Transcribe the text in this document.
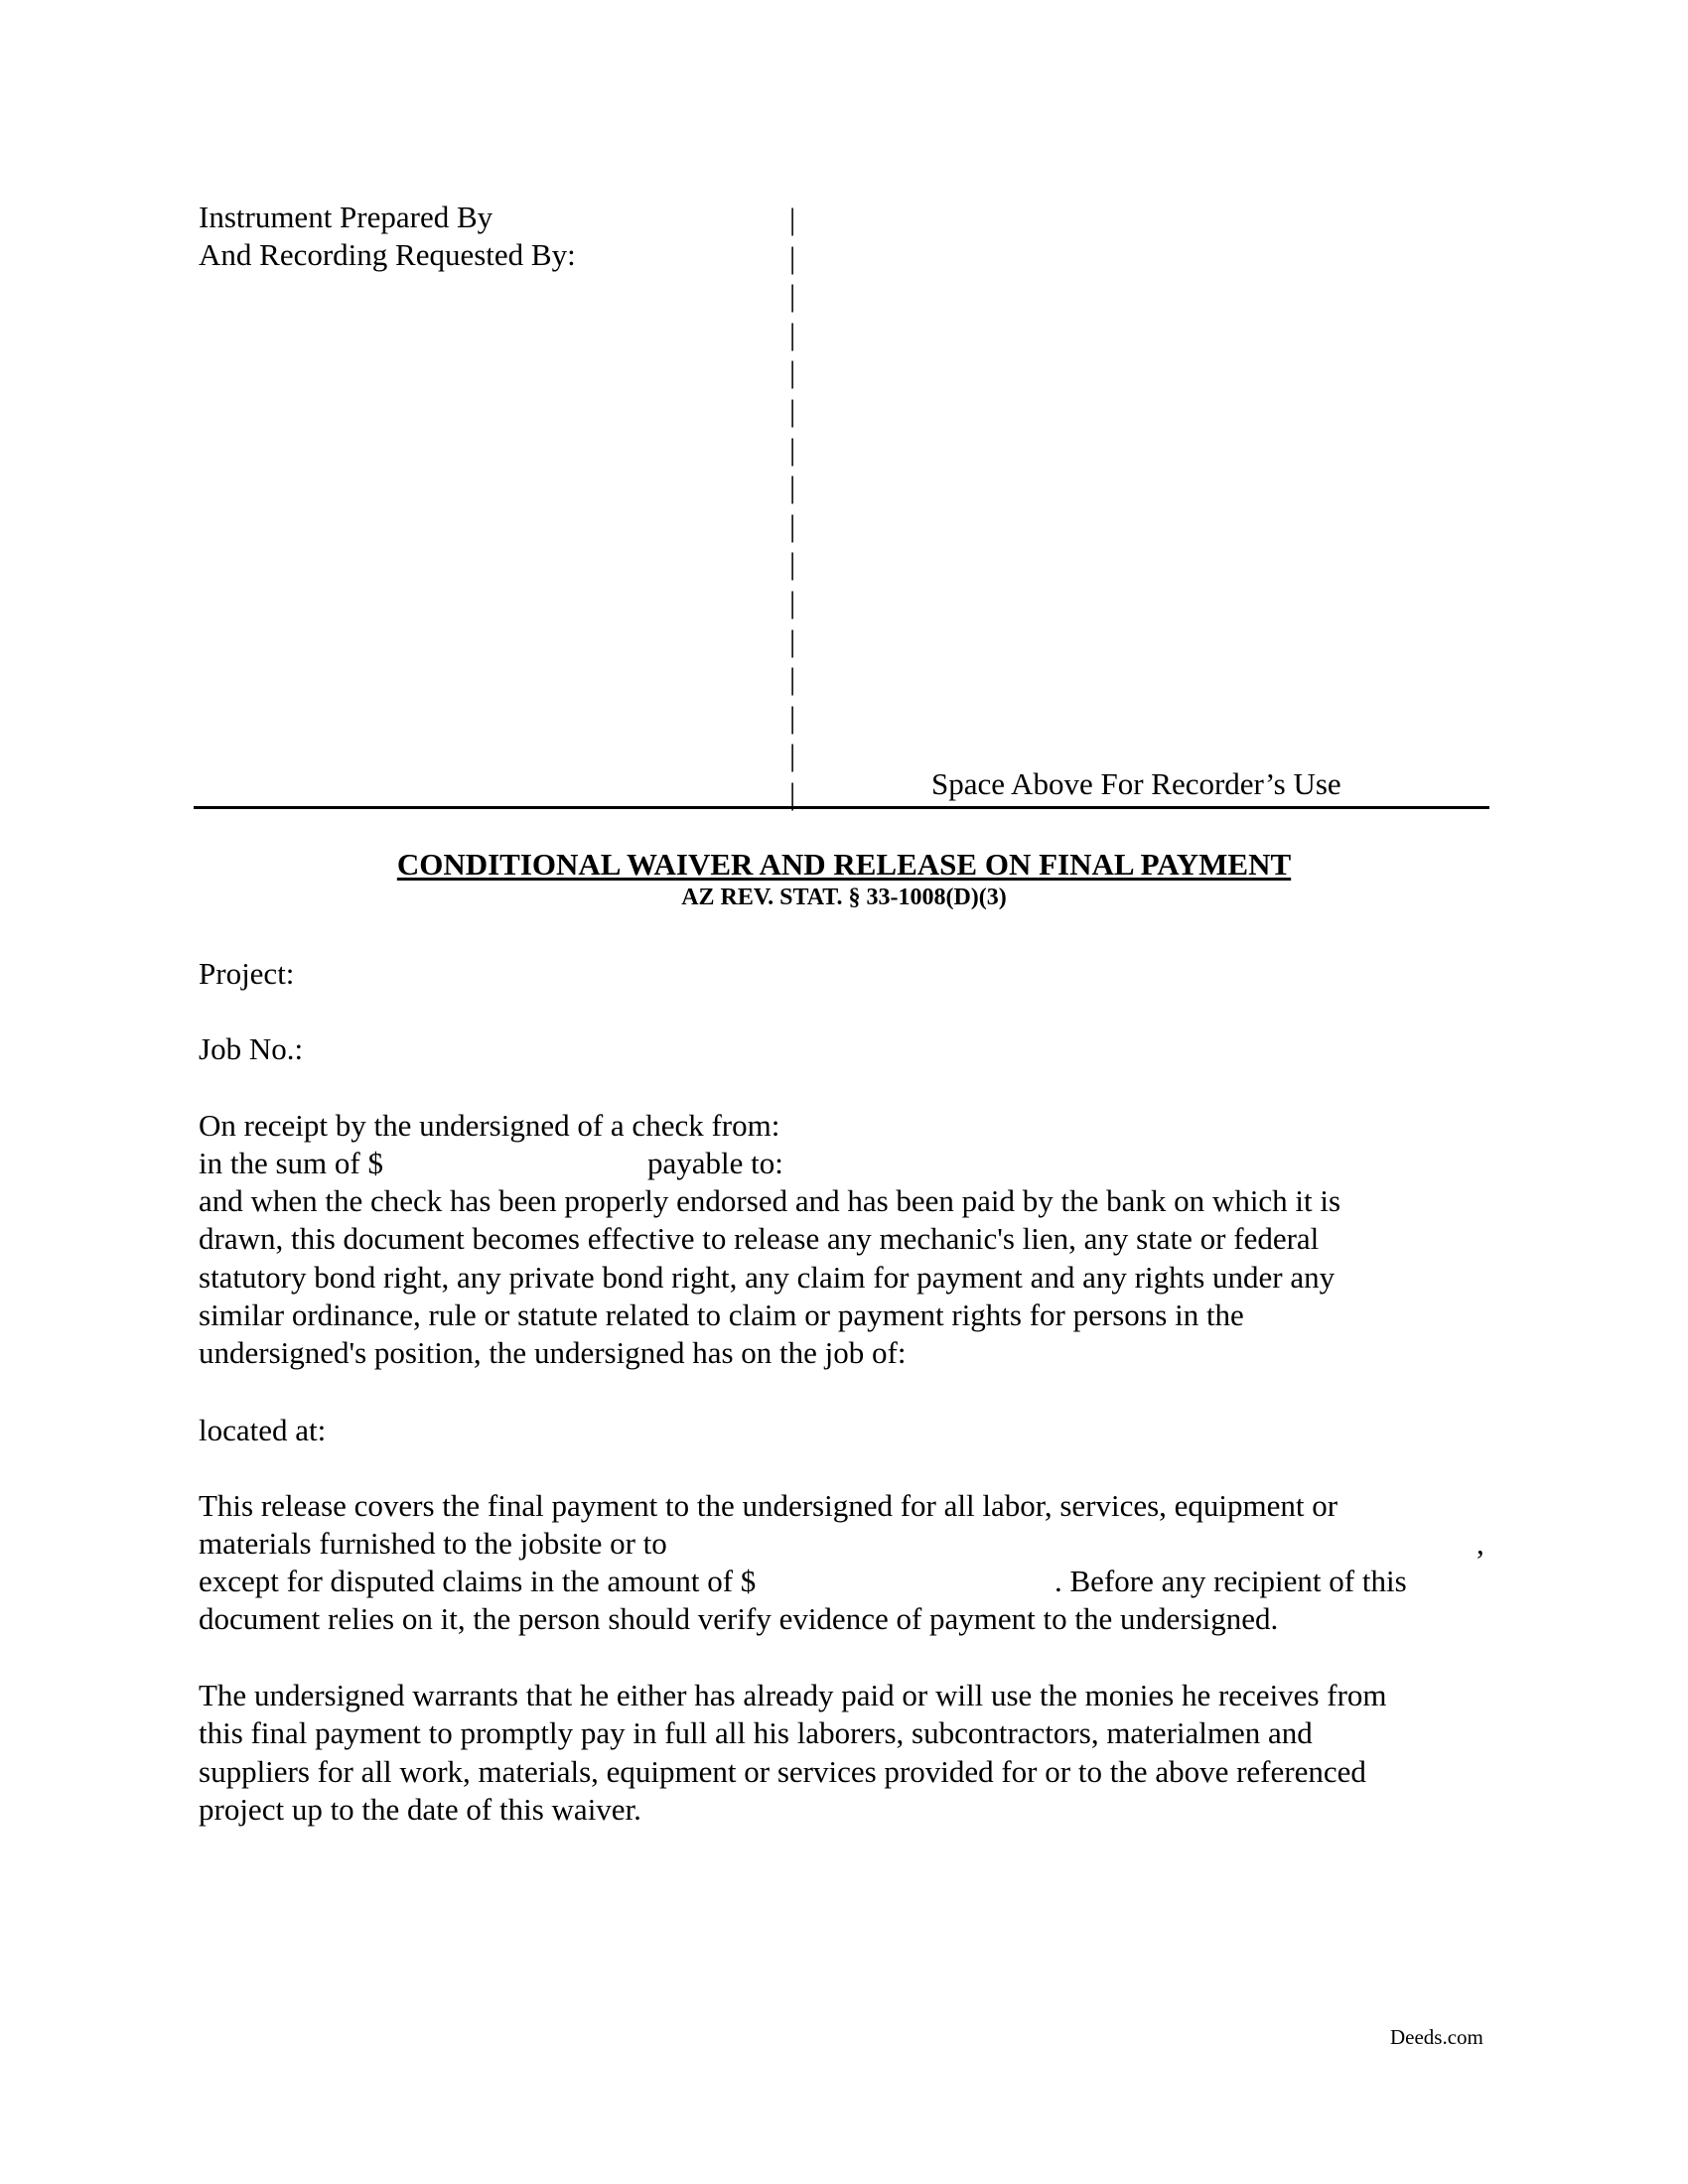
Instrument Prepared By
And Recording Requested By:
|
|
|
|
|
|
|
|
|
|
|
|
|
|
|
|	Space Above For Recorder’s Use
CONDITIONAL WAIVER AND RELEASE ON FINAL PAYMENT
AZ REV. STAT. § 33-1008(D)(3)
Project:
Job No.:
On receipt by the undersigned of a check from:
in the sum of $	payable to:
and when the check has been properly endorsed and has been paid by the bank on which it is
drawn, this document becomes effective to release any mechanic's lien, any state or federal
statutory bond right, any private bond right, any claim for payment and any rights under any
similar ordinance, rule or statute related to claim or payment rights for persons in the
undersigned's position, the undersigned has on the job of:
located at:
This release covers the final payment to the undersigned for all labor, services, equipment or
materials furnished to the jobsite or to	,
except for disputed claims in the amount of $	. Before any recipient of this
document relies on it, the person should verify evidence of payment to the undersigned.
The undersigned warrants that he either has already paid or will use the monies he receives from
this final payment to promptly pay in full all his laborers, subcontractors, materialmen and
suppliers for all work, materials, equipment or services provided for or to the above referenced
project up to the date of this waiver.
Deeds.com
